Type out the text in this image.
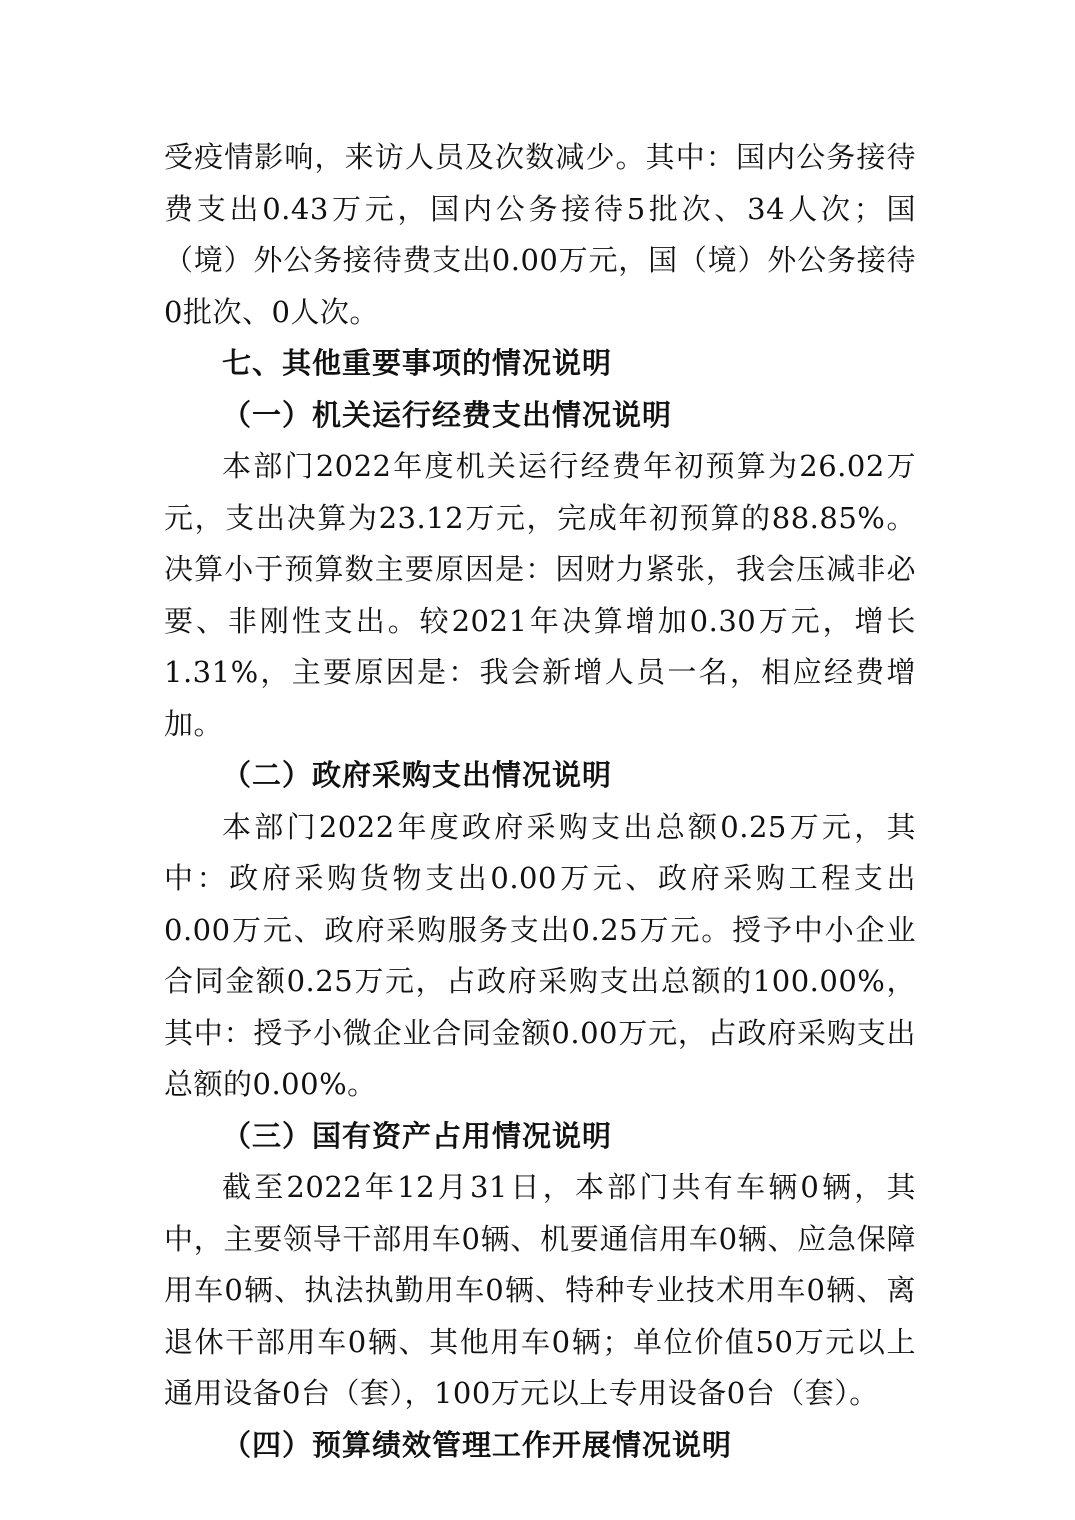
受疫情影响，来访人员及次数减少。其中：国内公务接待费支出0.43万元，国内公务接待5批次、34人次；国（境）外公务接待费支出0.00万元，国（境）外公务接待0批次、0人次。

七、其他重要事项的情况说明
（一）机关运行经费支出情况说明

本部门2022年度机关运行经费年初预算为26.02万元，支出决算为23.12万元，完成年初预算的88.85%。决算小于预算数主要原因是：因财力紧张，我会压减非必要、非刚性支出。较2021年决算增加0.30万元，增长1.31%，主要原因是：我会新增人员一名，相应经费增加。

（二）政府采购支出情况说明

本部门2022年度政府采购支出总额0.25万元，其中：政府采购货物支出0.00万元、政府采购工程支出0.00万元、政府采购服务支出0.25万元。授予中小企业合同金额0.25万元，占政府采购支出总额的100.00%，其中：授予小微企业合同金额0.00万元，占政府采购支出总额的0.00%。

（三）国有资产占用情况说明

截至2022年12月31日，本部门共有车辆0辆，其中，主要领导干部用车0辆、机要通信用车0辆、应急保障用车0辆、执法执勤用车0辆、特种专业技术用车0辆、离退休干部用车0辆、其他用车0辆；单位价值50万元以上通用设备0台（套），100万元以上专用设备0台（套）。

（四）预算绩效管理工作开展情况说明
